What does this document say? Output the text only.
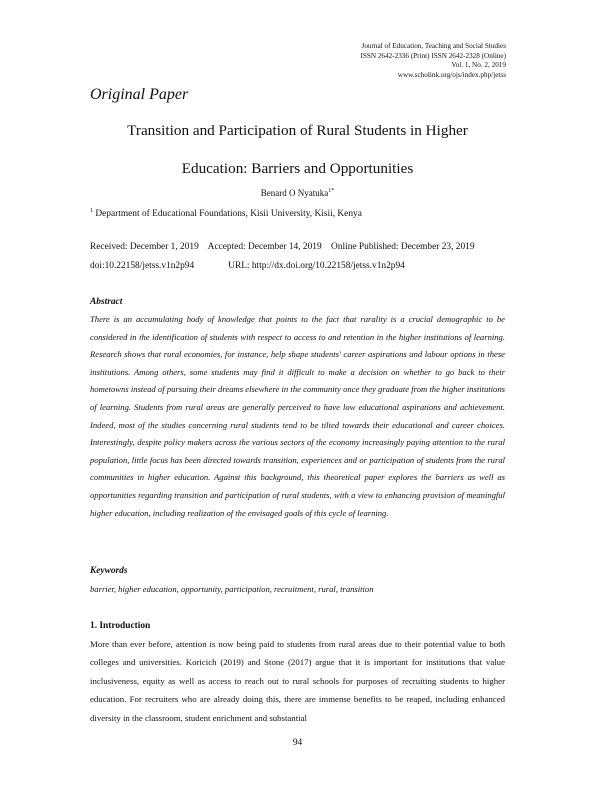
Journal of Education, Teaching and Social Studies
ISSN 2642-2336 (Print) ISSN 2642-2328 (Online)
Vol. 1, No. 2, 2019
www.scholink.org/ojs/index.php/jetss
Original Paper
Transition and Participation of Rural Students in Higher
Education: Barriers and Opportunities
Benard O Nyatuka$^{1*}$
$^1$ Department of Educational Foundations, Kisii University, Kisii, Kenya
Received: December 1, 2019    Accepted: December 14, 2019    Online Published: December 23, 2019
doi:10.22158/jetss.v1n2p94	URL: http://dx.doi.org/10.22158/jetss.v1n2p94
Abstract
There is an accumulating body of knowledge that points to the fact that rurality is a crucial demographic to be considered in the identification of students with respect to access to and retention in the higher institutions of learning. Research shows that rural economies, for instance, help shape students' career aspirations and labour options in these institutions. Among others, some students may find it difficult to make a decision on whether to go back to their hometowns instead of pursuing their dreams elsewhere in the community once they graduate from the higher institutions of learning. Students from rural areas are generally perceived to have low educational aspirations and achievement. Indeed, most of the studies concerning rural students tend to be tilted towards their educational and career choices. Interestingly, despite policy makers across the various sectors of the economy increasingly paying attention to the rural population, little focus has been directed towards transition, experiences and or participation of students from the rural communities in higher education. Against this background, this theoretical paper explores the barriers as well as opportunities regarding transition and participation of rural students, with a view to enhancing provision of meaningful higher education, including realization of the envisaged goals of this cycle of learning.
Keywords
barrier, higher education, opportunity, participation, recruitment, rural, transition
1. Introduction
More than ever before, attention is now being paid to students from rural areas due to their potential value to both colleges and universities. Koricich (2019) and Stone (2017) argue that it is important for institutions that value inclusiveness, equity as well as access to reach out to rural schools for purposes of recruiting students to higher education. For recruiters who are already doing this, there are immense benefits to be reaped, including enhanced diversity in the classroom, student enrichment and substantial
94
